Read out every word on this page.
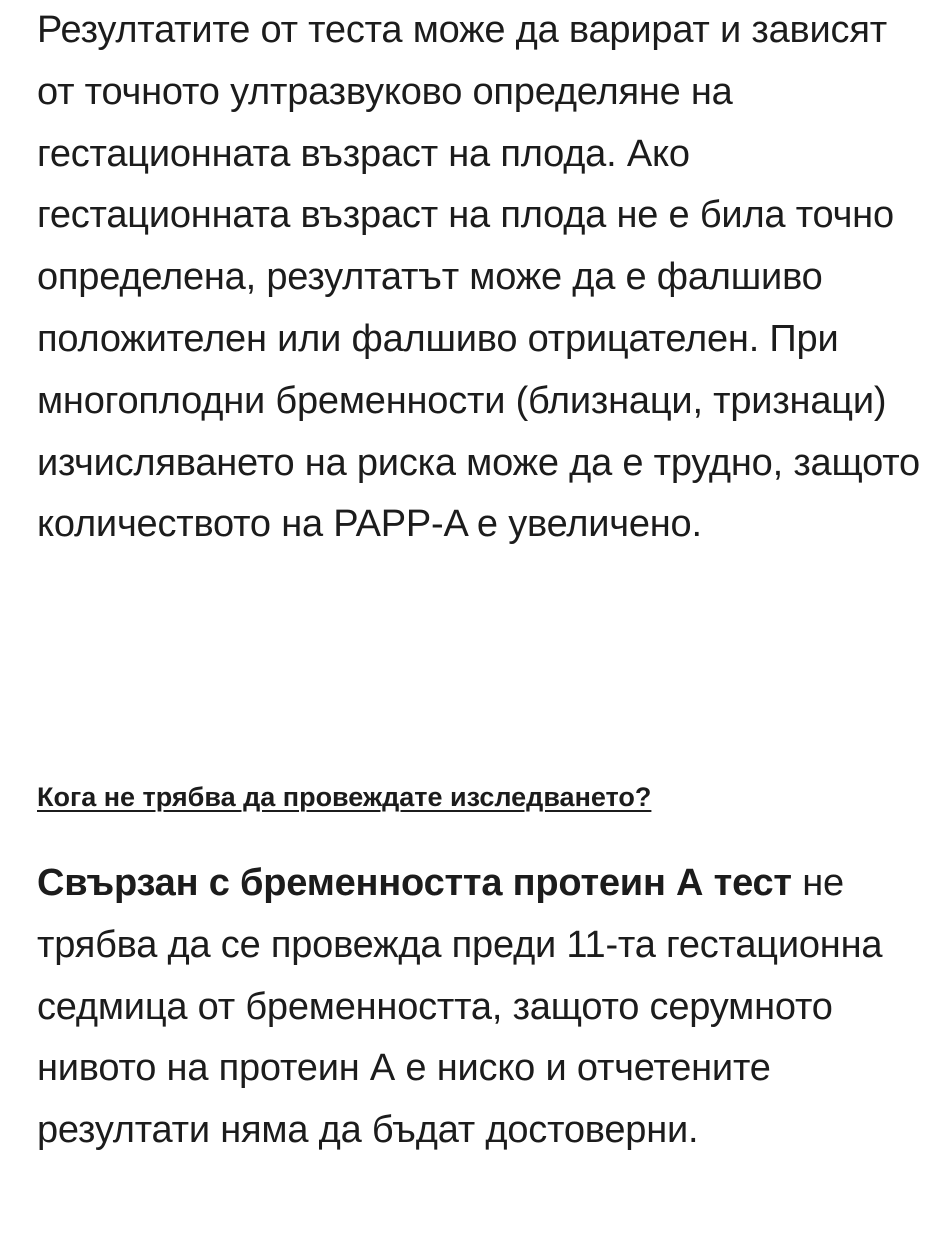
Резултатите от теста може да варират и зависят от точното ултразвуково определяне на гестационната възраст на плода. Ако гестационната възраст на плода не е била точно определена, резултатът може да е фалшиво положителен или фалшиво отрицателен. При многоплодни бременности (близнаци, тризнаци) изчисляването на риска може да е трудно, защото количеството на PAPP-A е увеличено.

Кога не трябва да провеждате изследването?

Свързан с бременността протеин А тест не трябва да се провежда преди 11-та гестационна седмица от бременността, защото серумното нивото на протеин А е ниско и отчетените резултати няма да бъдат достоверни.
